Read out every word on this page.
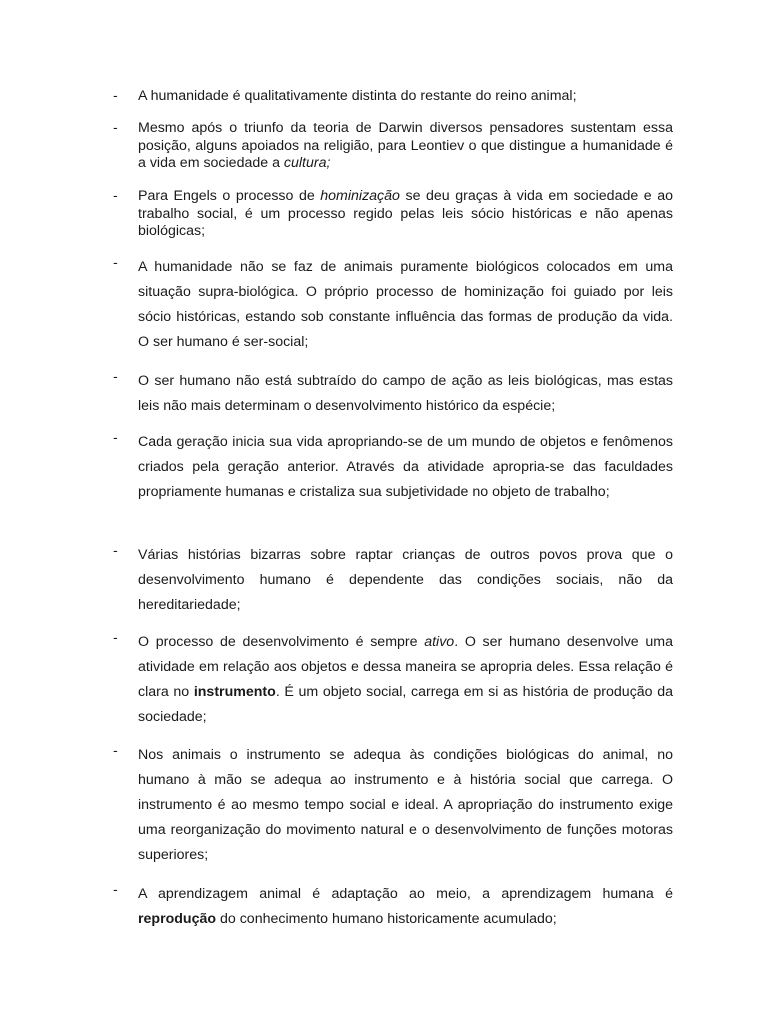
- A humanidade é qualitativamente distinta do restante do reino animal;
- Mesmo após o triunfo da teoria de Darwin diversos pensadores sustentam essa posição, alguns apoiados na religião, para Leontiev o que distingue a humanidade é a vida em sociedade a cultura;
- Para Engels o processo de hominização se deu graças à vida em sociedade e ao trabalho social, é um processo regido pelas leis sócio históricas e não apenas biológicas;
- A humanidade não se faz de animais puramente biológicos colocados em uma situação supra-biológica. O próprio processo de hominização foi guiado por leis sócio históricas, estando sob constante influência das formas de produção da vida. O ser humano é ser-social;
- O ser humano não está subtraído do campo de ação as leis biológicas, mas estas leis não mais determinam o desenvolvimento histórico da espécie;
- Cada geração inicia sua vida apropriando-se de um mundo de objetos e fenômenos criados pela geração anterior. Através da atividade apropria-se das faculdades propriamente humanas e cristaliza sua subjetividade no objeto de trabalho;
- Várias histórias bizarras sobre raptar crianças de outros povos prova que o desenvolvimento humano é dependente das condições sociais, não da hereditariedade;
- O processo de desenvolvimento é sempre ativo. O ser humano desenvolve uma atividade em relação aos objetos e dessa maneira se apropria deles. Essa relação é clara no instrumento. É um objeto social, carrega em si as história de produção da sociedade;
- Nos animais o instrumento se adequa às condições biológicas do animal, no humano à mão se adequa ao instrumento e à história social que carrega. O instrumento é ao mesmo tempo social e ideal. A apropriação do instrumento exige uma reorganização do movimento natural e o desenvolvimento de funções motoras superiores;
- A aprendizagem animal é adaptação ao meio, a aprendizagem humana é reprodução do conhecimento humano historicamente acumulado;
